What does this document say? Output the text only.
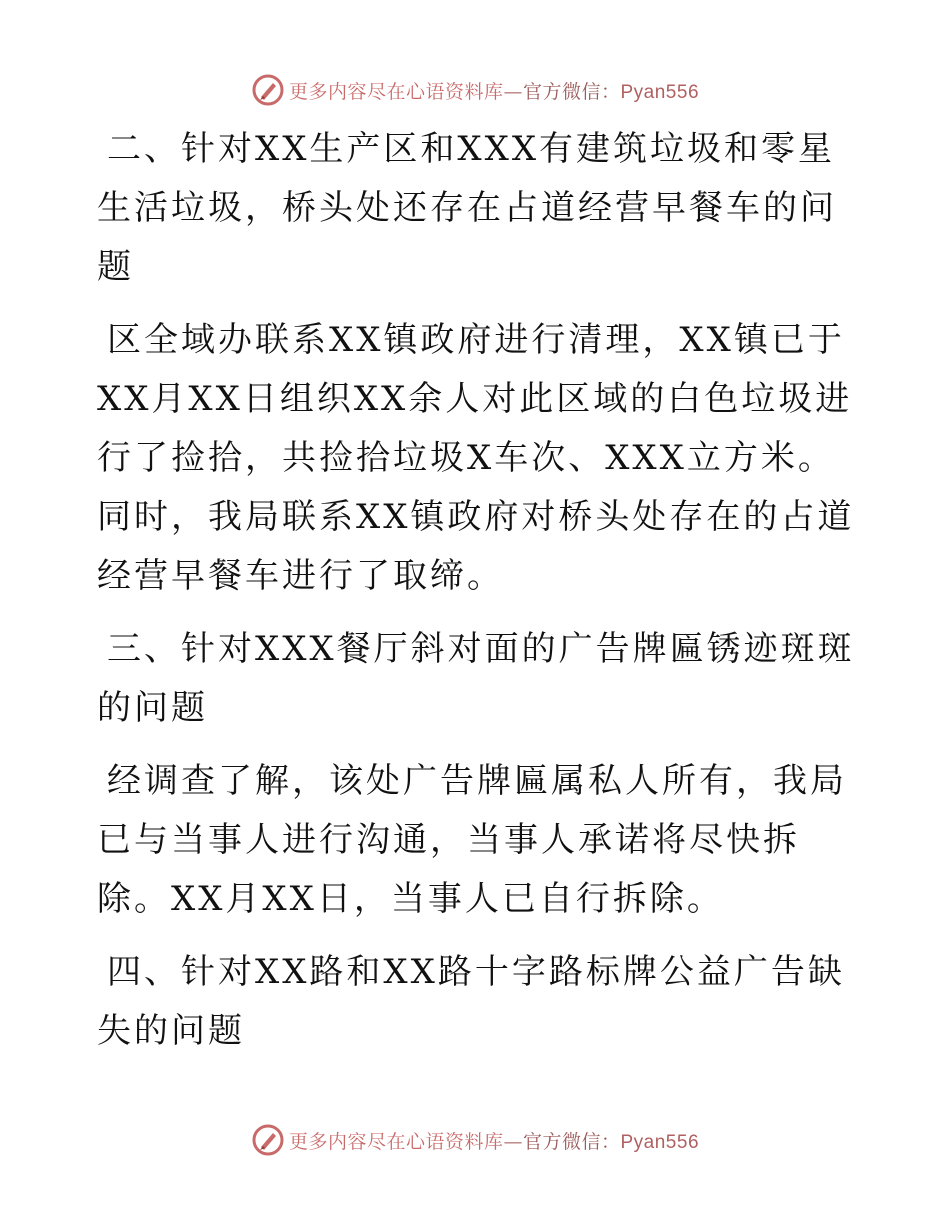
更多内容尽在心语资料库—官方微信：Pyan556

二、针对XX生产区和XXX有建筑垃圾和零星生活垃圾，桥头处还存在占道经营早餐车的问题

区全域办联系XX镇政府进行清理，XX镇已于XX月XX日组织XX余人对此区域的白色垃圾进行了捡拾，共捡拾垃圾X车次、XXX立方米。同时，我局联系XX镇政府对桥头处存在的占道经营早餐车进行了取缔。

三、针对XXX餐厅斜对面的广告牌匾锈迹斑斑的问题

经调查了解，该处广告牌匾属私人所有，我局已与当事人进行沟通，当事人承诺将尽快拆除。XX月XX日，当事人已自行拆除。

四、针对XX路和XX路十字路标牌公益广告缺失的问题

更多内容尽在心语资料库—官方微信：Pyan556
